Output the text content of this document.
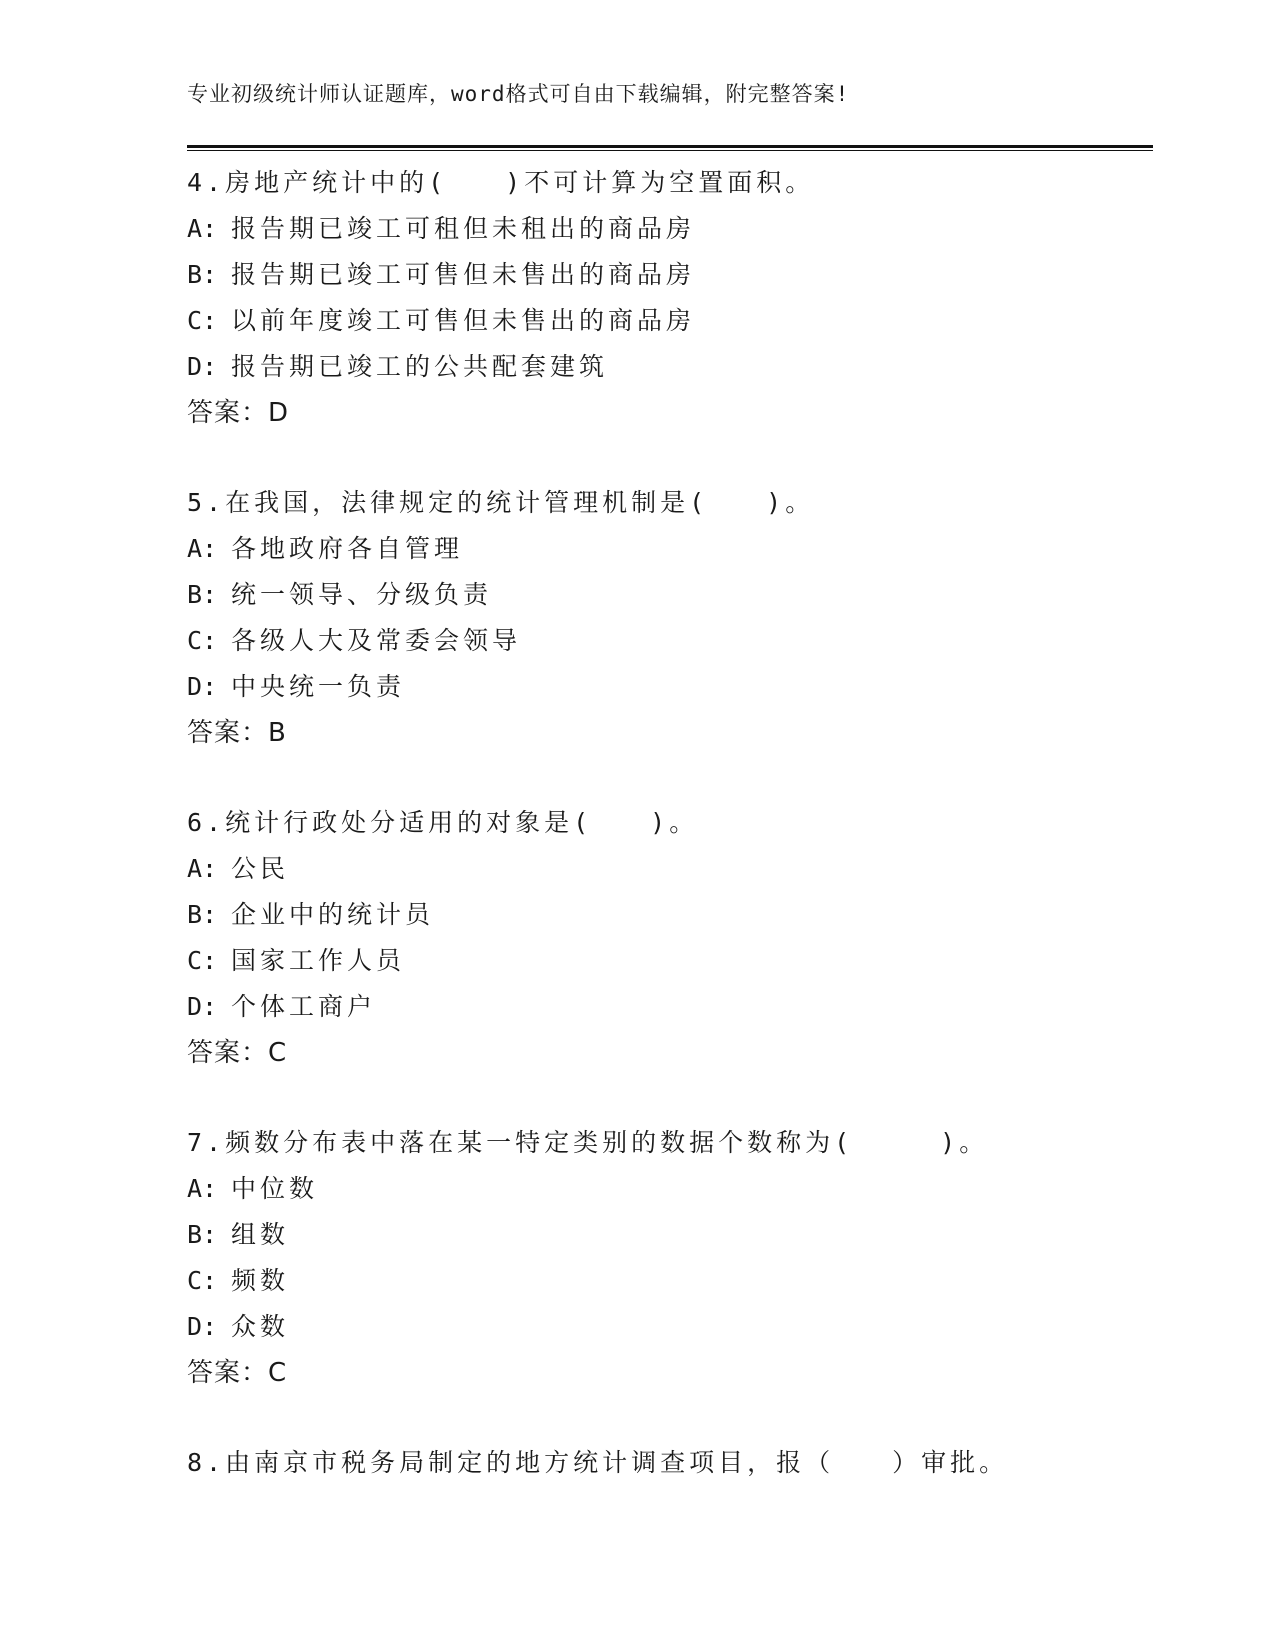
专业初级统计师认证题库，word格式可自由下载编辑，附完整答案!
4.房地产统计中的(　　)不可计算为空置面积。
A: 报告期已竣工可租但未租出的商品房
B: 报告期已竣工可售但未售出的商品房
C: 以前年度竣工可售但未售出的商品房
D: 报告期已竣工的公共配套建筑
答案：D
5.在我国，法律规定的统计管理机制是(　　)。
A: 各地政府各自管理
B: 统一领导、分级负责
C: 各级人大及常委会领导
D: 中央统一负责
答案：B
6.统计行政处分适用的对象是(　　)。
A: 公民
B: 企业中的统计员
C: 国家工作人员
D: 个体工商户
答案：C
7.频数分布表中落在某一特定类别的数据个数称为(　　　)。
A: 中位数
B: 组数
C: 频数
D: 众数
答案：C
8.由南京市税务局制定的地方统计调查项目，报（　　）审批。
